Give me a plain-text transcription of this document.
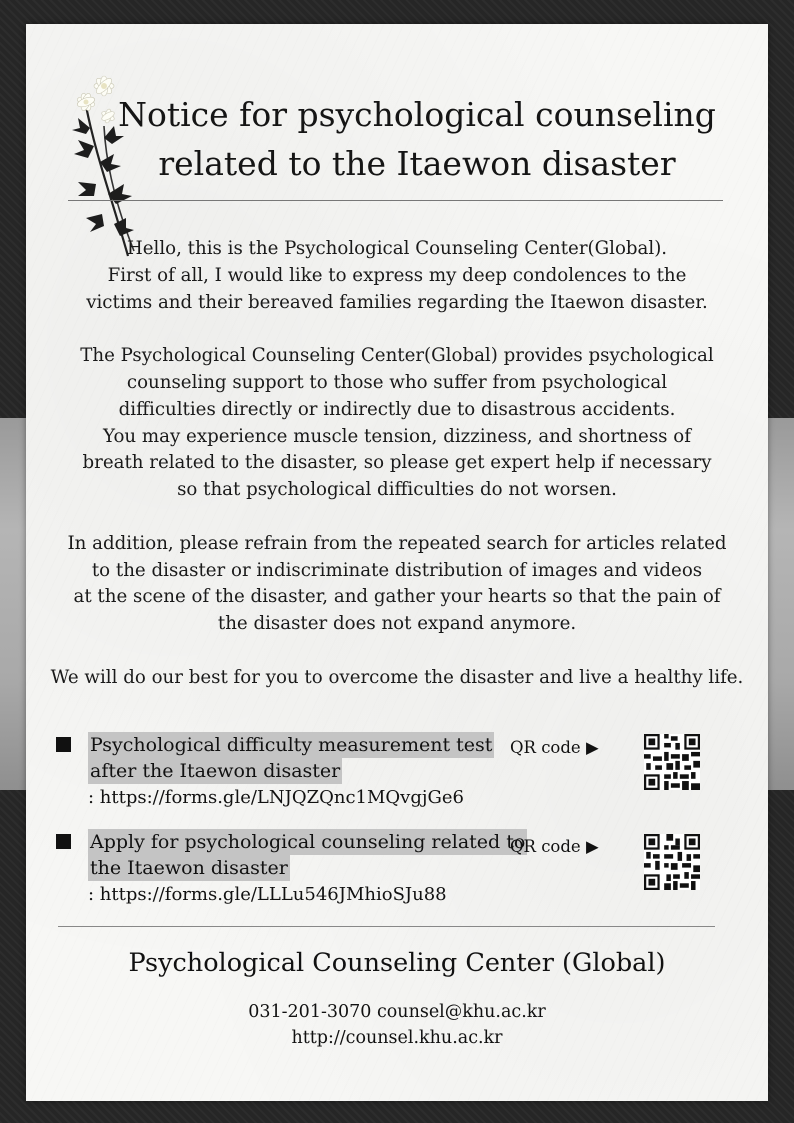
Notice for psychological counseling
related to the Itaewon disaster
Hello, this is the Psychological Counseling Center(Global).
First of all, I would like to express my deep condolences to the
victims and their bereaved families regarding the Itaewon disaster.
The Psychological Counseling Center(Global) provides psychological
counseling support to those who suffer from psychological
difficulties directly or indirectly due to disastrous accidents.
You may experience muscle tension, dizziness, and shortness of
breath related to the disaster, so please get expert help if necessary
so that psychological difficulties do not worsen.
In addition, please refrain from the repeated search for articles related
to the disaster or indiscriminate distribution of images and videos
at the scene of the disaster, and gather your hearts so that the pain of
the disaster does not expand anymore.
We will do our best for you to overcome the disaster and live a healthy life.
Psychological difficulty measurement test
after the Itaewon disaster
: https://forms.gle/LNJQZQnc1MQvgjGe6
QR code ▶
Apply for psychological counseling related to
the Itaewon disaster
: https://forms.gle/LLLu546JMhioSJu88
QR code ▶
Psychological Counseling Center (Global)
031-201-3070 counsel@khu.ac.kr
http://counsel.khu.ac.kr
